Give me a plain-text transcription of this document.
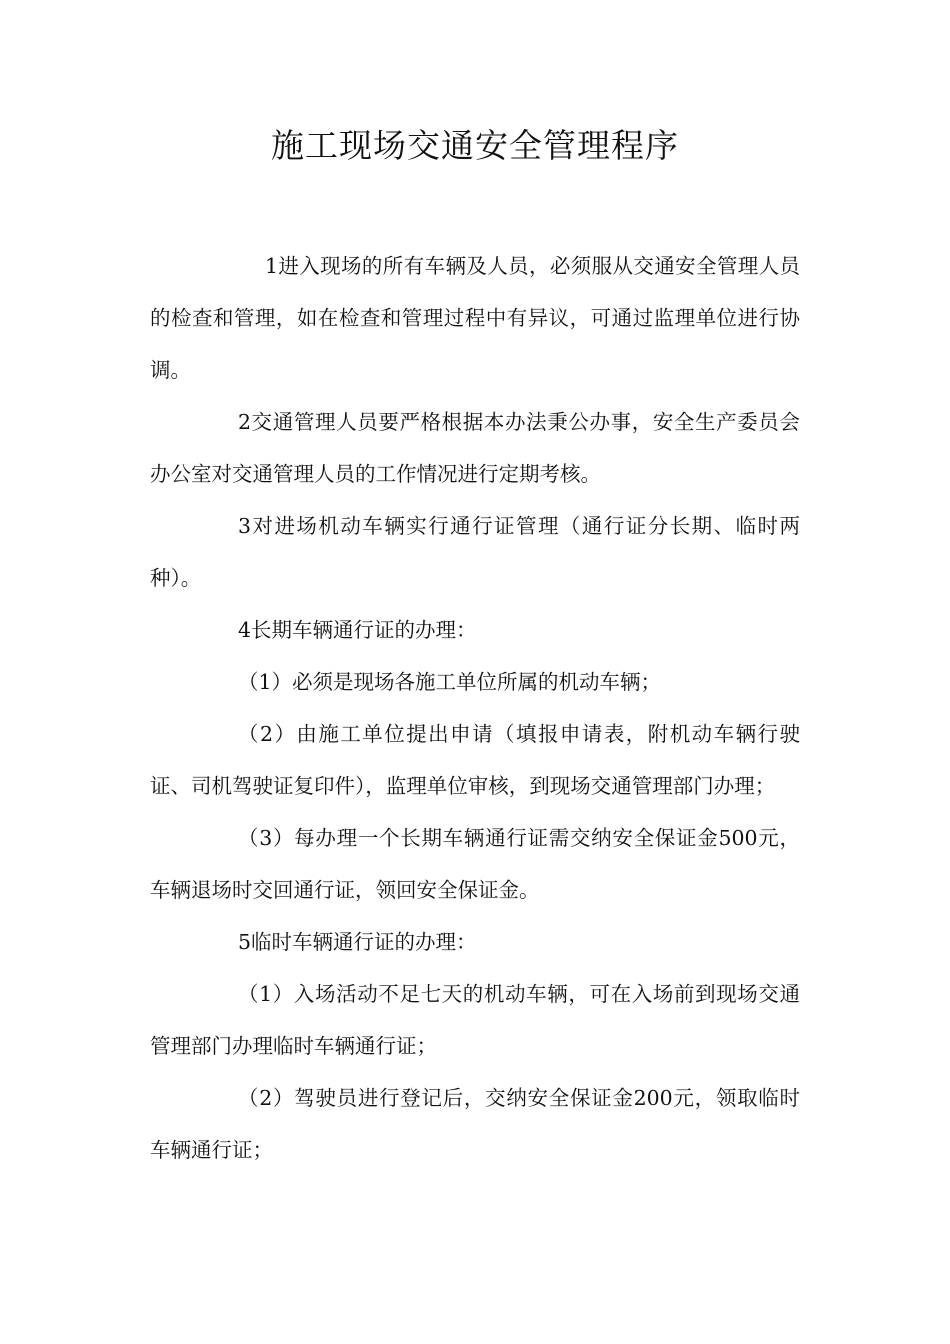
施工现场交通安全管理程序

1进入现场的所有车辆及人员，必须服从交通安全管理人员的检查和管理，如在检查和管理过程中有异议，可通过监理单位进行协调。

2交通管理人员要严格根据本办法秉公办事，安全生产委员会办公室对交通管理人员的工作情况进行定期考核。

3对进场机动车辆实行通行证管理（通行证分长期、临时两种）。

4长期车辆通行证的办理：

（1）必须是现场各施工单位所属的机动车辆；

（2）由施工单位提出申请（填报申请表，附机动车辆行驶证、司机驾驶证复印件），监理单位审核，到现场交通管理部门办理；

（3）每办理一个长期车辆通行证需交纳安全保证金500元，车辆退场时交回通行证，领回安全保证金。

5临时车辆通行证的办理：

（1）入场活动不足七天的机动车辆，可在入场前到现场交通管理部门办理临时车辆通行证；

（2）驾驶员进行登记后，交纳安全保证金200元，领取临时车辆通行证；
